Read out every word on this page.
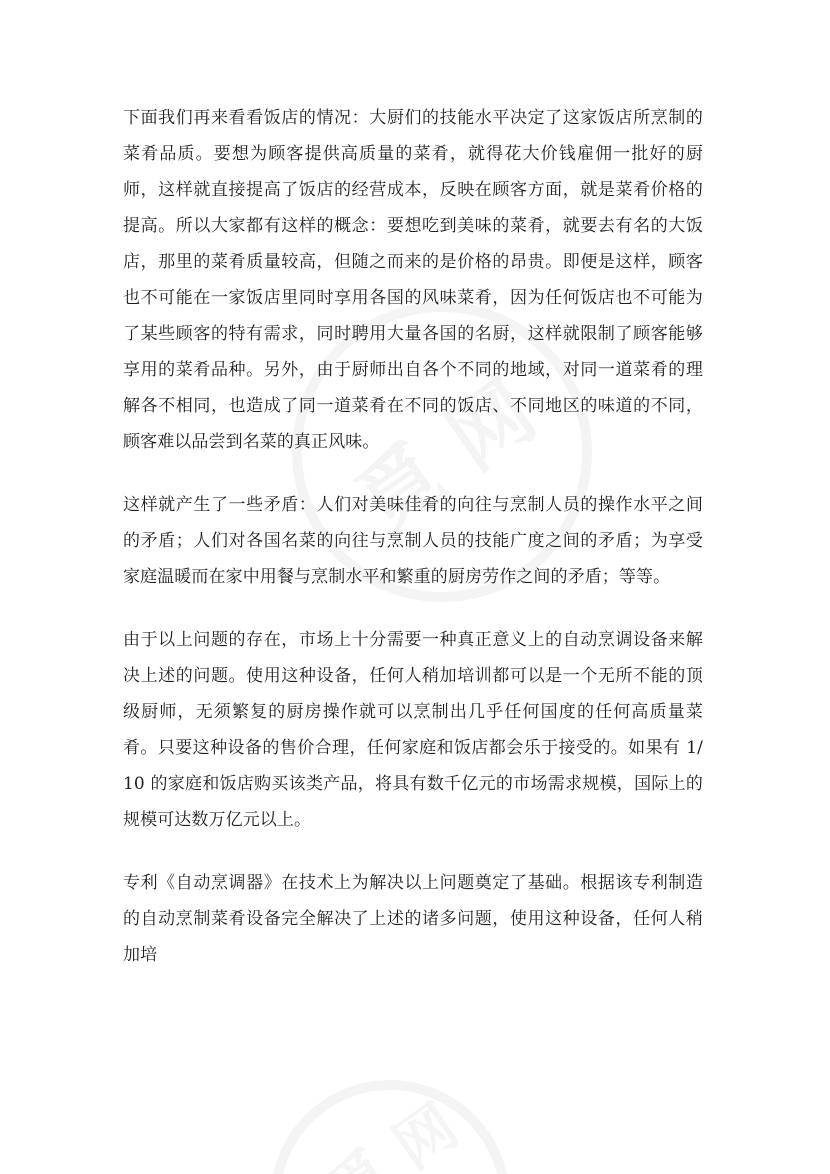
下面我们再来看看饭店的情况：大厨们的技能水平决定了这家饭店所烹制的菜肴品质。要想为顾客提供高质量的菜肴，就得花大价钱雇佣一批好的厨师，这样就直接提高了饭店的经营成本，反映在顾客方面，就是菜肴价格的提高。所以大家都有这样的概念：要想吃到美味的菜肴，就要去有名的大饭店，那里的菜肴质量较高，但随之而来的是价格的昂贵。即便是这样，顾客也不可能在一家饭店里同时享用各国的风味菜肴，因为任何饭店也不可能为了某些顾客的特有需求，同时聘用大量各国的名厨，这样就限制了顾客能够享用的菜肴品种。另外，由于厨师出自各个不同的地域，对同一道菜肴的理解各不相同，也造成了同一道菜肴在不同的饭店、不同地区的味道的不同，顾客难以品尝到名菜的真正风味。

这样就产生了一些矛盾：人们对美味佳肴的向往与烹制人员的操作水平之间的矛盾；人们对各国名菜的向往与烹制人员的技能广度之间的矛盾；为享受家庭温暖而在家中用餐与烹制水平和繁重的厨房劳作之间的矛盾；等等。

由于以上问题的存在，市场上十分需要一种真正意义上的自动烹调设备来解决上述的问题。使用这种设备，任何人稍加培训都可以是一个无所不能的顶级厨师，无须繁复的厨房操作就可以烹制出几乎任何国度的任何高质量菜肴。只要这种设备的售价合理，任何家庭和饭店都会乐于接受的。如果有 1/10 的家庭和饭店购买该类产品，将具有数千亿元的市场需求规模，国际上的规模可达数万亿元以上。

专利《自动烹调器》在技术上为解决以上问题奠定了基础。根据该专利制造的自动烹制菜肴设备完全解决了上述的诸多问题，使用这种设备，任何人稍加培
